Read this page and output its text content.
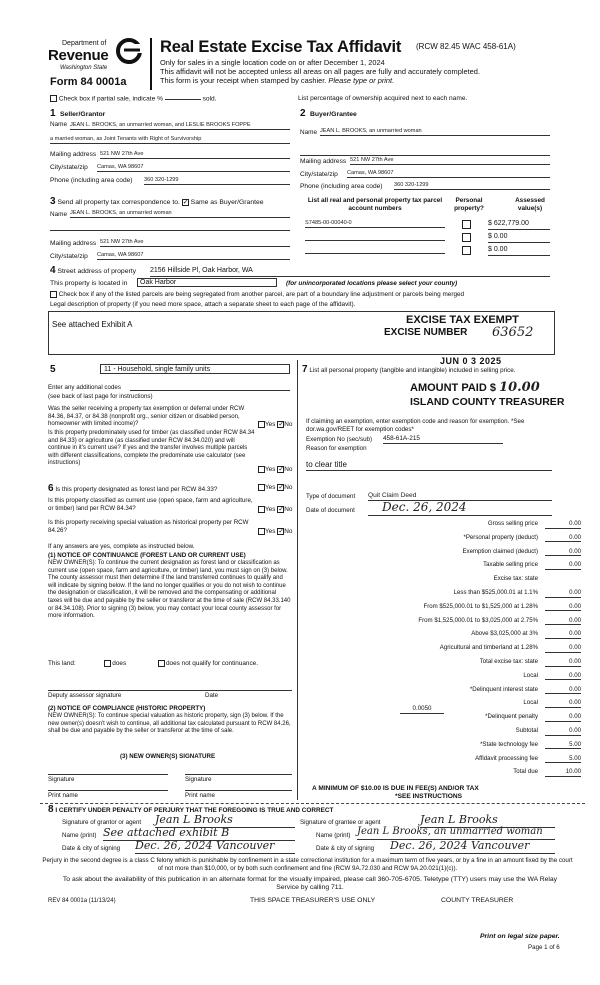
Department of
Revenue
Washington State
Form 84 0001a
Real Estate Excise Tax Affidavit (RCW 82.45 WAC 458-61A)
Only for sales in a single location code on or after December 1, 2024
This affidavit will not be accepted unless all areas on all pages are fully and accurately completed.
This form is your receipt when stamped by cashier. Please type or print.
Check box if partial sale, indicate %	sold.	List percentage of ownership acquired next to each name.
1 Seller/Grantor
Name JEAN L. BROOKS, an unmarried woman, and LESLIE BROOKS FOPPE
a married woman, as Joint Tenants with Right of Survivorship
Mailing address 521 NW 27th Ave
City/state/zip Camas, WA 98607
Phone (including area code) 360 320-1299
2 Buyer/Grantee
Name JEAN L. BROOKS, an unmarried woman
Mailing address 521 NW 27th Ave
City/state/zip Camas, WA 98607
Phone (including area code) 360 320-1299
3 Send all property tax correspondence to. ✓ Same as Buyer/Grantee
Name JEAN L. BROOKS, an unmarried woman
Mailing address 521 NW 27th Ave
City/state/zip Camas, WA 98607
List all real and personal property tax parcel account numbers
Personal property?
Assessed value(s)
S7485-00-00040-0	$ 622,779.00
$ 0.00
$ 0.00
4 Street address of property 2156 Hillside Pl, Oak Harbor, WA
This property is located in	Oak Harbor	(for unincorporated locations please select your county)
Check box if any of the listed parcels are being segregated from another parcel, are part of a boundary line adjustment or parcels being merged
Legal description of property (if you need more space, attach a separate sheet to each page of the affidavit).
See attached Exhibit A	EXCISE TAX EXEMPT
EXCISE NUMBER 63652
JUN 0 3 2025
5	11 - Household, single family units
Enter any additional codes
(see back of last page for instructions)
Was the seller receiving a property tax exemption or deferral under RCW 84.36, 84.37, or 84.38 (nonprofit org., senior citizen or disabled person, homeowner with limited income)?	Yes ✓No
Is this property predominately used for timber (as classified under RCW 84.34 and 84.33) or agriculture (as classified under RCW 84.34.020) and will continue in it's current use? If yes and the transfer involves multiple parcels with different classifications, complete the predominate use calculator (see instructions)
Yes ✓No
6 Is this property designated as forest land per RCW 84.33?	Yes ✓No
Is this property classified as current use (open space, farm and agriculture, or timber) land per RCW 84.34?	Yes ✓No
Is this property receiving special valuation as historical property per RCW 84.26?	Yes ✓No
If any answers are yes, complete as instructed below.
(1) NOTICE OF CONTINUANCE (FOREST LAND OR CURRENT USE)
NEW OWNER(S): To continue the current designation as forest land or classification as current use (open space, farm and agriculture, or timber) land, you must sign on (3) below. The county assessor must then determine if the land transferred continues to qualify and will indicate by signing below. If the land no longer qualifies or you do not wish to continue the designation or classification, it will be removed and the compensating or additional taxes will be due and payable by the seller or transferor at the time of sale (RCW 84.33.140 or 84.34.108). Prior to signing (3) below, you may contact your local county assessor for more information.
This land:	does	does not qualify for continuance.
Deputy assessor signature	Date
(2) NOTICE OF COMPLIANCE (HISTORIC PROPERTY)
NEW OWNER(S): To continue special valuation as historic property, sign (3) below. If the new owner(s) doesn't wish to continue, all additional tax calculated pursuant to RCW 84.26, shall be due and payable by the seller or transferor at the time of sale.
(3) NEW OWNER(S) SIGNATURE
Signature	Signature
Print name	Print name
7 List all personal property (tangible and intangible) included in selling price.
AMOUNT PAID $ 10.00
ISLAND COUNTY TREASURER
If claiming an exemption, enter exemption code and reason for exemption. *See dor.wa.gov/REET for exemption codes*
Exemption No (sec/sub) 458-61A-215
Reason for exemption
to clear title
Type of document Quit Claim Deed
Date of document	Dec. 26, 2024
Gross selling price	0.00
*Personal property (deduct)	0.00
Exemption claimed (deduct)	0.00
Taxable selling price	0.00
Excise tax: state
Less than $525,000.01 at 1.1%	0.00
From $525,000.01 to $1,525,000 at 1.28%	0.00
From $1,525,000.01 to $3,025,000 at 2.75%	0.00
Above $3,025,000 at 3%	0.00
Agricultural and timberland at 1.28%	0.00
Total excise tax: state	0.00
Local	0.00
*Delinquent interest state	0.00
Local	0.00
*Delinquent penalty	0.00
Subtotal	0.00
*State technology fee	5.00
Affidavit processing fee	5.00
Total due	10.00
0.0050
A MINIMUM OF $10.00 IS DUE IN FEE(S) AND/OR TAX
*SEE INSTRUCTIONS
8 I CERTIFY UNDER PENALTY OF PERJURY THAT THE FOREGOING IS TRUE AND CORRECT
Signature of grantor or agent Jean L Brooks
Name (print) See attached exhibit B
Date & city of signing Dec. 26, 2024 Vancouver
Signature of grantee or agent	Jean L Brooks
Name (print) Jean L Brooks, an unmarried woman
Date & city of signing Dec. 26, 2024 Vancouver
Perjury in the second degree is a class C felony which is punishable by confinement in a state correctional institution for a maximum term of five years, or by a fine in an amount fixed by the court of not more than $10,000, or by both such confinement and fine (RCW 9A.72.030 and RCW 9A.20.021(1)(c)).
To ask about the availability of this publication in an alternate format for the visually impaired, please call 360-705-6705. Teletype (TTY) users may use the WA Relay Service by calling 711.
REV 84 0001a (11/13/24)	THIS SPACE TREASURER'S USE ONLY	COUNTY TREASURER
Print on legal size paper.
Page 1 of 6
